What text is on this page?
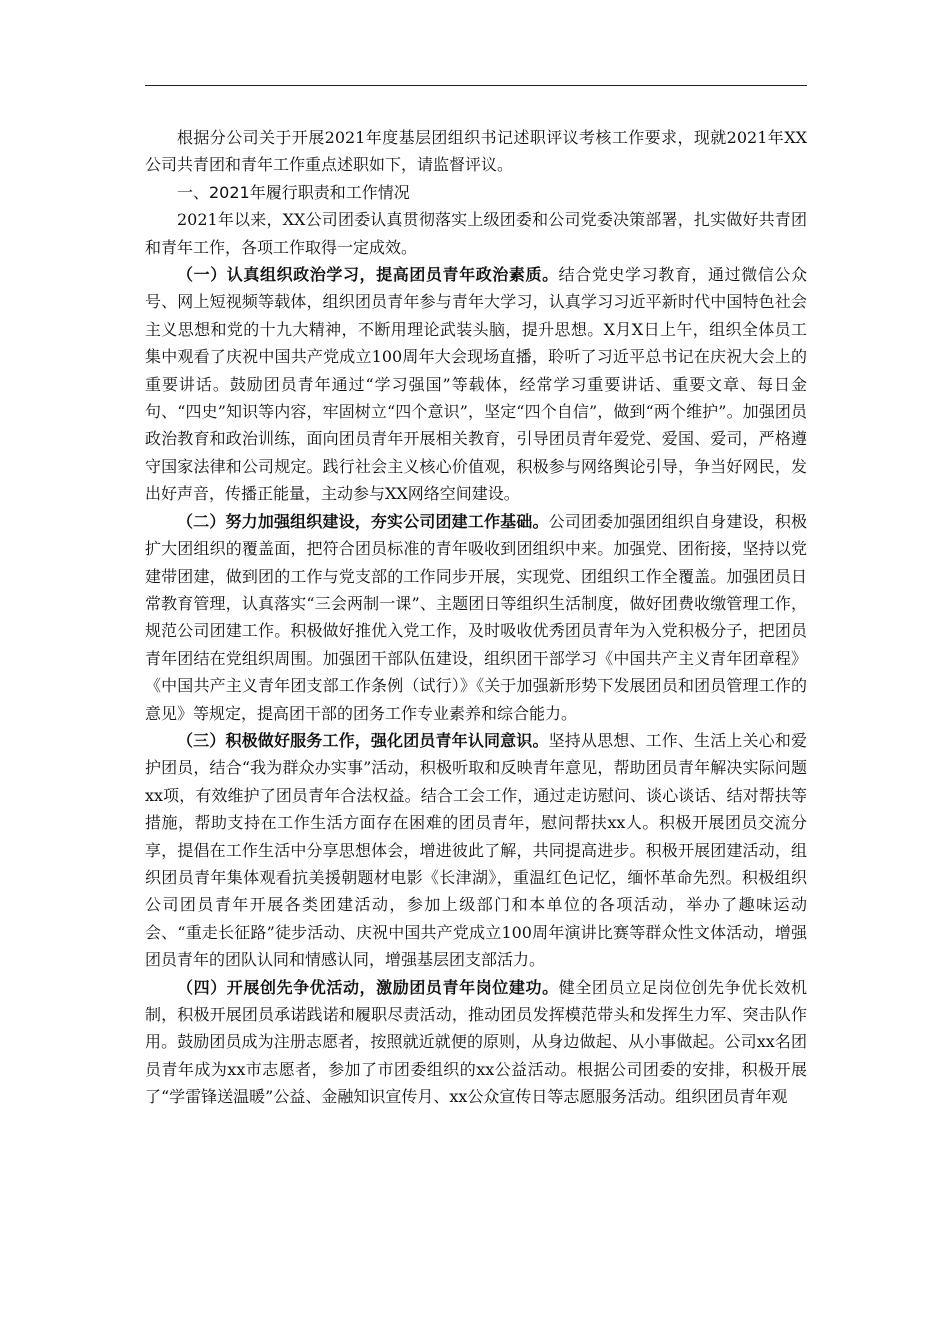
根据分公司关于开展2021年度基层团组织书记述职评议考核工作要求，现就2021年XX公司共青团和青年工作重点述职如下，请监督评议。

一、2021年履行职责和工作情况

2021年以来，XX公司团委认真贯彻落实上级团委和公司党委决策部署，扎实做好共青团和青年工作，各项工作取得一定成效。

（一）认真组织政治学习，提高团员青年政治素质。结合党史学习教育，通过微信公众号、网上短视频等载体，组织团员青年参与青年大学习，认真学习习近平新时代中国特色社会主义思想和党的十九大精神，不断用理论武装头脑，提升思想。X月X日上午，组织全体员工集中观看了庆祝中国共产党成立100周年大会现场直播，聆听了习近平总书记在庆祝大会上的重要讲话。鼓励团员青年通过“学习强国”等载体，经常学习重要讲话、重要文章、每日金句、“四史”知识等内容，牢固树立“四个意识”，坚定“四个自信”，做到“两个维护”。加强团员政治教育和政治训练，面向团员青年开展相关教育，引导团员青年爱党、爱国、爱司，严格遵守国家法律和公司规定。践行社会主义核心价值观，积极参与网络舆论引导，争当好网民，发出好声音，传播正能量，主动参与XX网络空间建设。

（二）努力加强组织建设，夯实公司团建工作基础。公司团委加强团组织自身建设，积极扩大团组织的覆盖面，把符合团员标准的青年吸收到团组织中来。加强党、团衔接，坚持以党建带团建，做到团的工作与党支部的工作同步开展，实现党、团组织工作全覆盖。加强团员日常教育管理，认真落实“三会两制一课”、主题团日等组织生活制度，做好团费收缴管理工作，规范公司团建工作。积极做好推优入党工作，及时吸收优秀团员青年为入党积极分子，把团员青年团结在党组织周围。加强团干部队伍建设，组织团干部学习《中国共产主义青年团章程》《中国共产主义青年团支部工作条例（试行）》《关于加强新形势下发展团员和团员管理工作的意见》等规定，提高团干部的团务工作专业素养和综合能力。

（三）积极做好服务工作，强化团员青年认同意识。坚持从思想、工作、生活上关心和爱护团员，结合“我为群众办实事”活动，积极听取和反映青年意见，帮助团员青年解决实际问题xx项，有效维护了团员青年合法权益。结合工会工作，通过走访慰问、谈心谈话、结对帮扶等措施，帮助支持在工作生活方面存在困难的团员青年，慰问帮扶xx人。积极开展团员交流分享，提倡在工作生活中分享思想体会，增进彼此了解，共同提高进步。积极开展团建活动，组织团员青年集体观看抗美援朝题材电影《长津湖》，重温红色记忆，缅怀革命先烈。积极组织公司团员青年开展各类团建活动，参加上级部门和本单位的各项活动，举办了趣味运动会、“重走长征路”徒步活动、庆祝中国共产党成立100周年演讲比赛等群众性文体活动，增强团员青年的团队认同和情感认同，增强基层团支部活力。

（四）开展创先争优活动，激励团员青年岗位建功。健全团员立足岗位创先争优长效机制，积极开展团员承诺践诺和履职尽责活动，推动团员发挥模范带头和发挥生力军、突击队作用。鼓励团员成为注册志愿者，按照就近就便的原则，从身边做起、从小事做起。公司xx名团员青年成为xx市志愿者，参加了市团委组织的xx公益活动。根据公司团委的安排，积极开展了“学雷锋送温暖”公益、金融知识宣传月、xx公众宣传日等志愿服务活动。组织团员青年观
